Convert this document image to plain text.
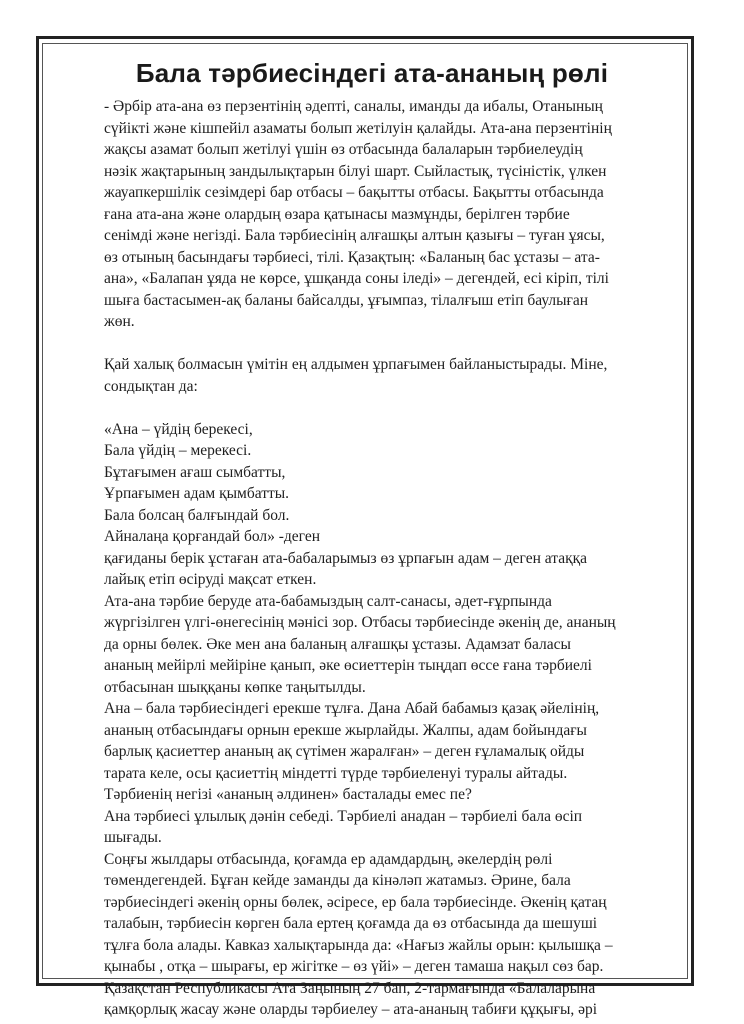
Бала тәрбиесіндегі ата-ананың рөлі
- Әрбір ата-ана өз перзентінің әдепті, саналы, иманды да ибалы, Отанының
сүйікті және кішпейіл азаматы болып жетілуін қалайды. Ата-ана перзентінің
жақсы азамат болып жетілуі үшін өз отбасында балаларын тәрбиелеудің
нәзік жақтарының зандылықтарын білуі шарт. Сыйластық, түсіністік, үлкен
жауапкершілік сезімдері бар отбасы – бақытты отбасы. Бақытты отбасында
ғана ата-ана және олардың өзара қатынасы мазмұнды, берілген тәрбие
сенімді және негізді. Бала тәрбиесінің алғашқы алтын қазығы – туған ұясы,
өз отының басындағы тәрбиесі, тілі. Қазақтың: «Баланың бас ұстазы – ата-
ана», «Балапан ұяда не көрсе, ұшқанда соны іледі» – дегендей, есі кіріп, тілі
шыға бастасымен-ақ баланы байсалды, ұғымпаз, тілалғыш етіп баулыған
жөн.
Қай халық болмасын үмітін ең алдымен ұрпағымен байланыстырады. Міне,
сондықтан да:
«Ана – үйдің берекесі,
Бала үйдің – мерекесі.
Бұтағымен ағаш сымбатты,
Ұрпағымен адам қымбатты.
Бала болсаң балғындай бол.
Айналаңа қорғандай бол» -деген
қағиданы берік ұстаған ата-бабаларымыз өз ұрпағын адам – деген атаққа
лайық етіп өсіруді мақсат еткен.
Ата-ана тәрбие беруде ата-бабамыздың салт-санасы, әдет-ғұрпында
жүргізілген үлгі-өнегесінің мәнісі зор. Отбасы тәрбиесінде әкенің де, ананың
да орны бөлек. Әке мен ана баланың алғашқы ұстазы. Адамзат баласы
ананың мейірлі мейіріне қанып, әке өсиеттерін тыңдап өссе ғана тәрбиелі
отбасынан шыққаны көпке таңытылды.
Ана – бала тәрбиесіндегі ерекше тұлға. Дана Абай бабамыз қазақ әйелінің,
ананың отбасындағы орнын ерекше жырлайды. Жалпы, адам бойындағы
барлық қасиеттер ананың ақ сүтімен жаралған» – деген ғұламалық ойды
тарата келе, осы қасиеттің міндетті түрде тәрбиеленуі туралы айтады.
Тәрбиенің негізі «ананың әлдинен» басталады емес пе?
Ана тәрбиесі ұлылық дәнін себеді. Тәрбиелі анадан – тәрбиелі бала өсіп
шығады.
Соңғы жылдары отбасында, қоғамда ер адамдардың, әкелердің рөлі
төмендегендей. Бұған кейде заманды да кінәләп жатамыз. Әрине, бала
тәрбиесіндегі әкенің орны бөлек, әсіресе, ер бала тәрбиесінде. Әкенің қатаң
талабын, тәрбиесін көрген бала ертең қоғамда да өз отбасында да шешуші
тұлға бола алады. Кавказ халықтарында да: «Нағыз жайлы орын: қылышқа –
қынабы , отқа – шырағы, ер жігітке – өз үйі» – деген тамаша нақыл сөз бар.
Қазақстан Республикасы Ата Заңының 27 бап, 2-тармағында «Балаларына
қамқорлық жасау және оларды тәрбиелеу – ата-ананың табиғи құқығы, әрі
